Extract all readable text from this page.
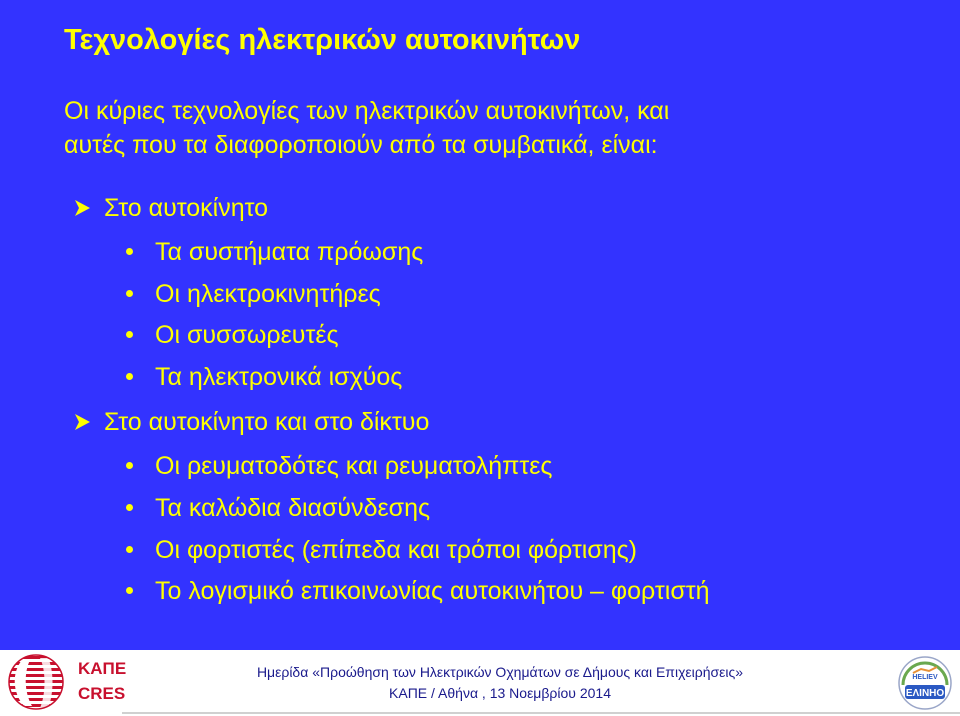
Τεχνολογίες ηλεκτρικών αυτοκινήτων

Οι κύριες τεχνολογίες των ηλεκτρικών αυτοκινήτων, και
αυτές που τα διαφοροποιούν από τα συμβατικά, είναι:

Στο αυτοκίνητο
Τα συστήματα πρόωσης
Οι ηλεκτροκινητήρες
Οι συσσωρευτές
Τα ηλεκτρονικά ισχύος
Στο αυτοκίνητο και στο δίκτυο
Οι ρευματοδότες και ρευματολήπτες
Τα καλώδια διασύνδεσης
Οι φορτιστές (επίπεδα και τρόποι φόρτισης)
Το λογισμικό επικοινωνίας αυτοκινήτου – φορτιστή
ΚΑΠΕ
CRES
Ημερίδα «Προώθηση των Ηλεκτρικών Οχημάτων σε Δήμους και Επιχειρήσεις»
ΚΑΠΕ / Αθήνα , 13 Νοεμβρίου 2014	ΕΛΙΝΗΟ
HELIEV
